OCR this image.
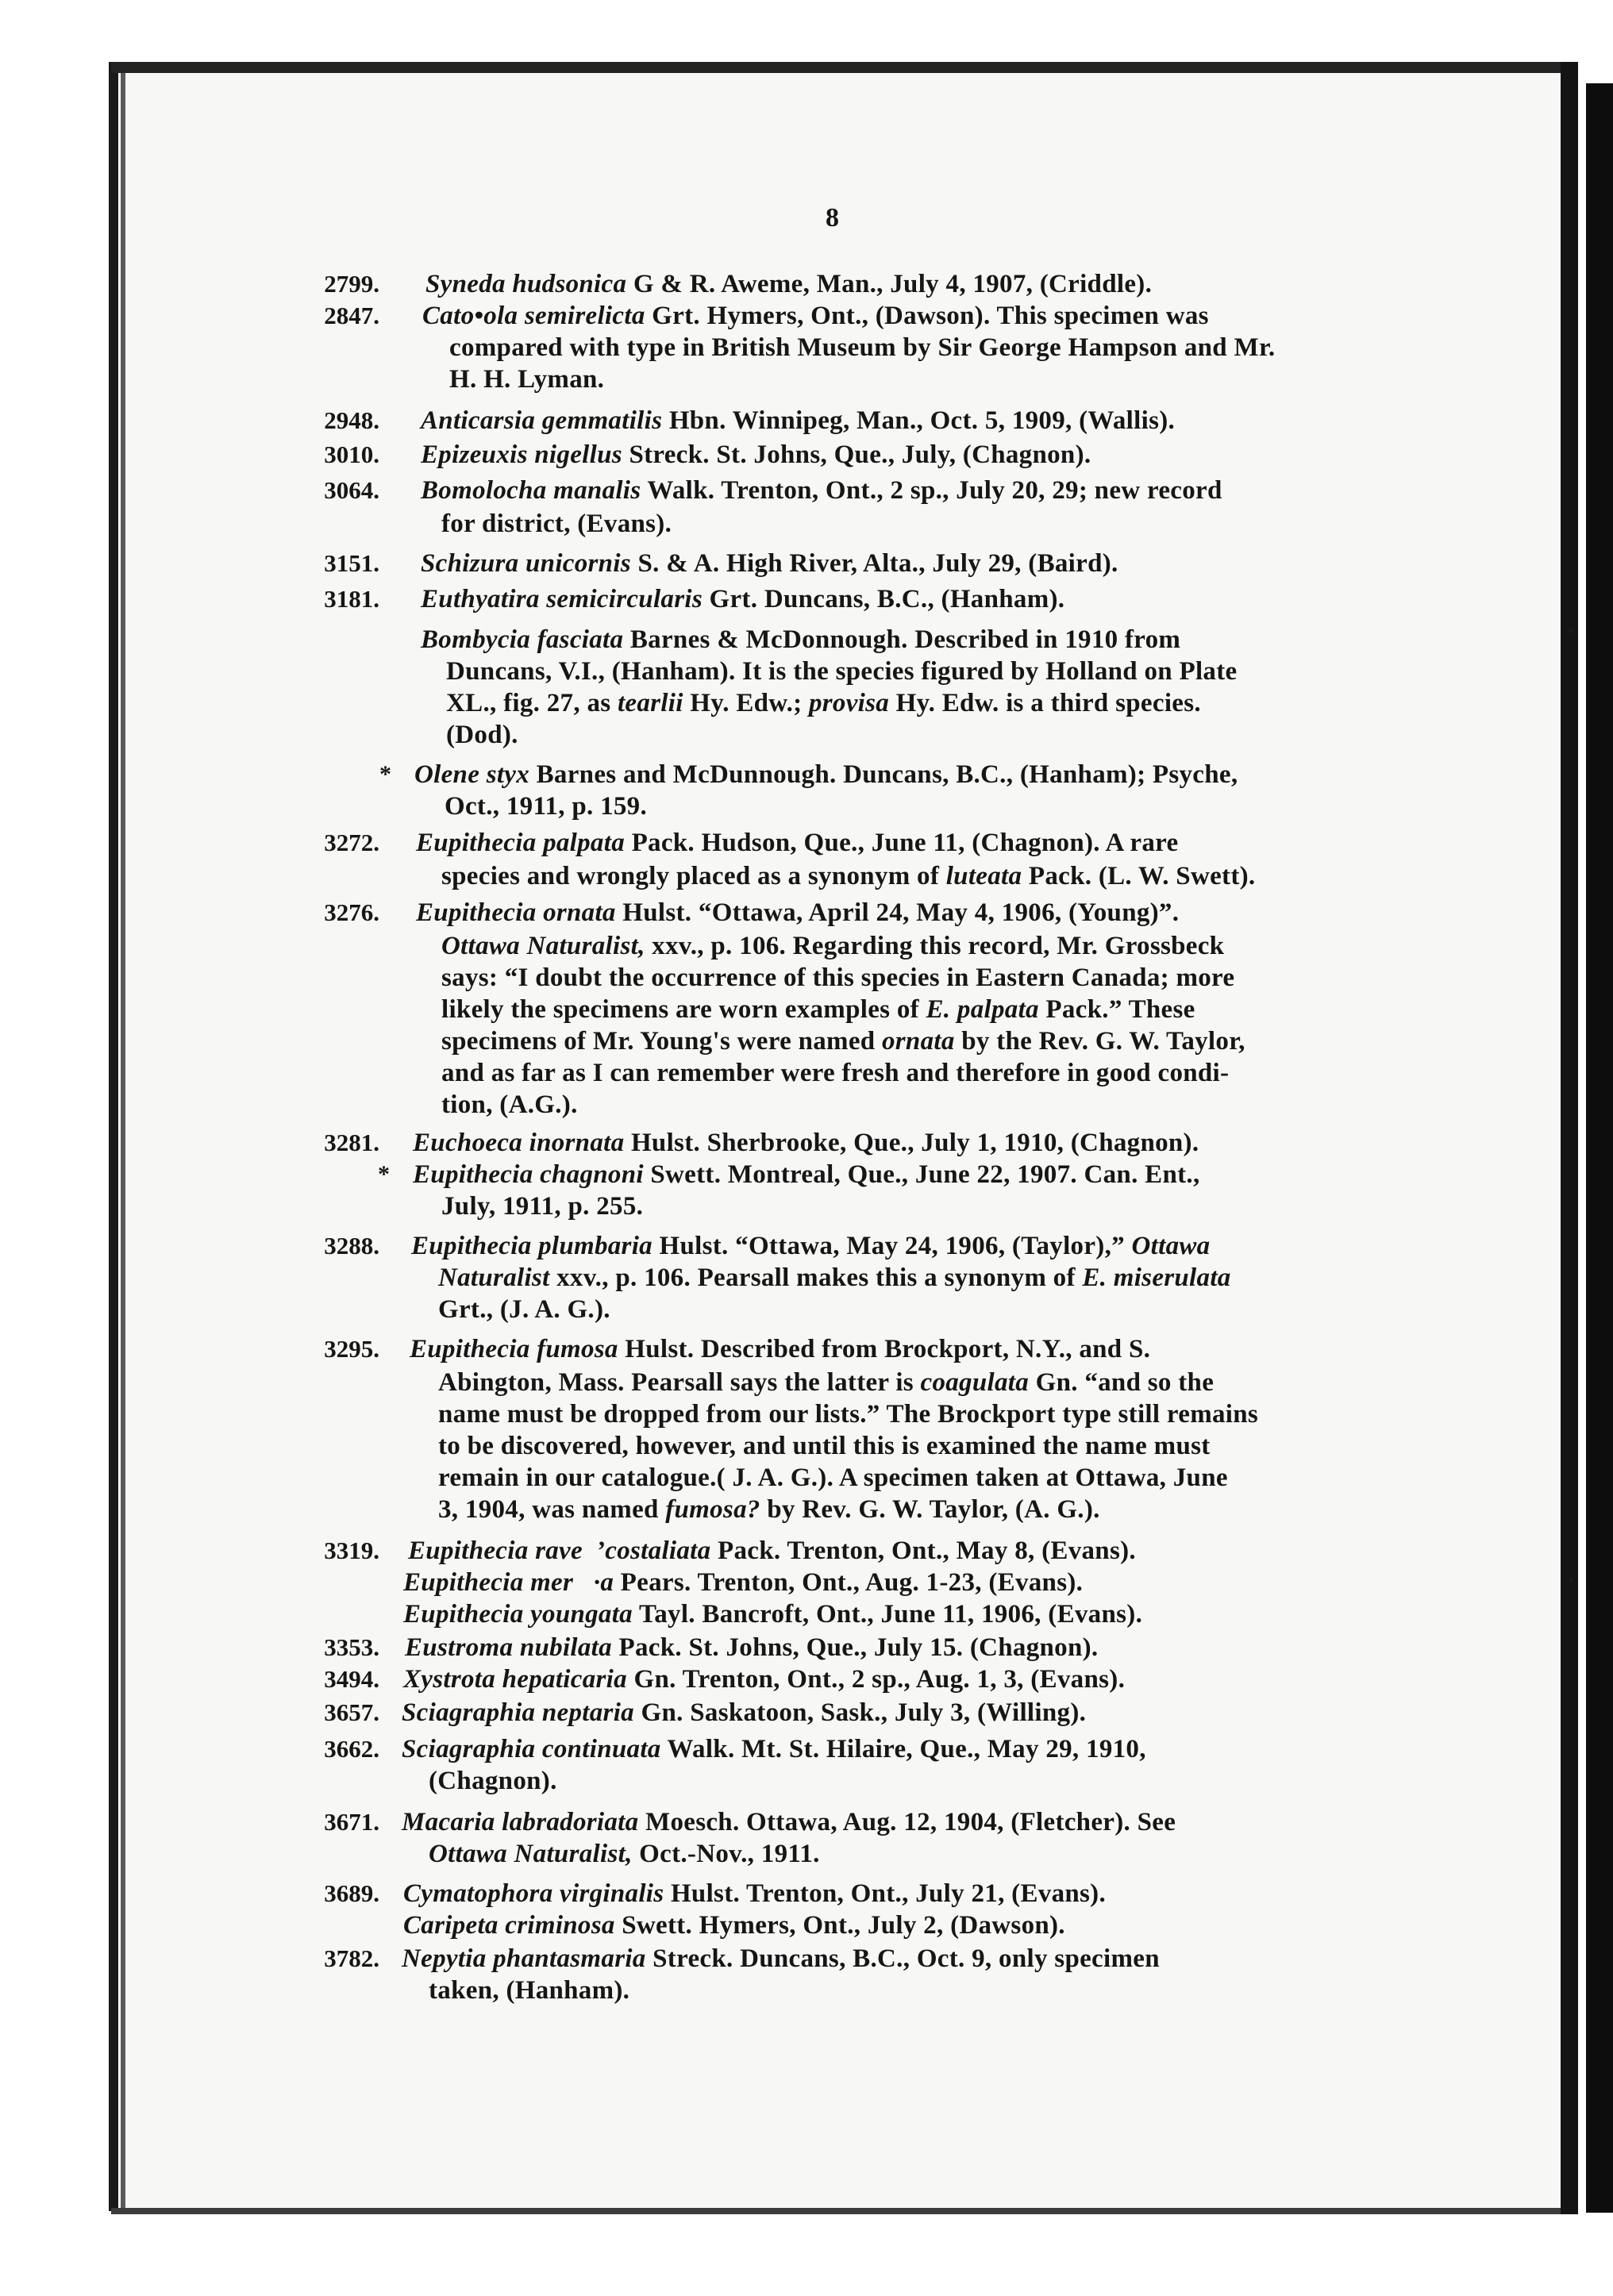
8
2799. Syneda hudsonica G & R. Aweme, Man., July 4, 1907, (Criddle).
2847. Cato•ola semirelicta Grt. Hymers, Ont., (Dawson). This specimen was
compared with type in British Museum by Sir George Hampson and Mr.
H. H. Lyman.
2948. Anticarsia gemmatilis Hbn. Winnipeg, Man., Oct. 5, 1909, (Wallis).
3010. Epizeuxis nigellus Streck. St. Johns, Que., July, (Chagnon).
3064. Bomolocha manalis Walk. Trenton, Ont., 2 sp., July 20, 29; new record
for district, (Evans).
3151. Schizura unicornis S. & A. High River, Alta., July 29, (Baird).
3181. Euthyatira semicircularis Grt. Duncans, B.C., (Hanham).
Bombycia fasciata Barnes & McDonnough. Described in 1910 from
Duncans, V.I., (Hanham). It is the species figured by Holland on Plate
XL., fig. 27, as tearlii Hy. Edw.; provisa Hy. Edw. is a third species.
(Dod).
* Olene styx Barnes and McDunnough. Duncans, B.C., (Hanham); Psyche,
Oct., 1911, p. 159.
3272. Eupithecia palpata Pack. Hudson, Que., June 11, (Chagnon). A rare
species and wrongly placed as a synonym of luteata Pack. (L. W. Swett).
3276. Eupithecia ornata Hulst. “Ottawa, April 24, May 4, 1906, (Young)”.
Ottawa Naturalist, xxv., p. 106. Regarding this record, Mr. Grossbeck
says: “I doubt the occurrence of this species in Eastern Canada; more
likely the specimens are worn examples of E. palpata Pack.” These
specimens of Mr. Young's were named ornata by the Rev. G. W. Taylor,
and as far as I can remember were fresh and therefore in good condi-
tion, (A.G.).
3281. Euchoeca inornata Hulst. Sherbrooke, Que., July 1, 1910, (Chagnon).
* Eupithecia chagnoni Swett. Montreal, Que., June 22, 1907. Can. Ent.,
July, 1911, p. 255.
3288. Eupithecia plumbaria Hulst. “Ottawa, May 24, 1906, (Taylor),” Ottawa
Naturalist xxv., p. 106. Pearsall makes this a synonym of E. miserulata
Grt., (J. A. G.).
3295. Eupithecia fumosa Hulst. Described from Brockport, N.Y., and S.
Abington, Mass. Pearsall says the latter is coagulata Gn. “and so the
name must be dropped from our lists.” The Brockport type still remains
to be discovered, however, and until this is examined the name must
remain in our catalogue.( J. A. G.). A specimen taken at Ottawa, June
3, 1904, was named fumosa? by Rev. G. W. Taylor, (A. G.).
3319. Eupithecia rave  ’costaliata Pack. Trenton, Ont., May 8, (Evans).
Eupithecia mer   ·a Pears. Trenton, Ont., Aug. 1-23, (Evans).
Eupithecia youngata Tayl. Bancroft, Ont., June 11, 1906, (Evans).
3353. Eustroma nubilata Pack. St. Johns, Que., July 15. (Chagnon).
3494. Xystrota hepaticaria Gn. Trenton, Ont., 2 sp., Aug. 1, 3, (Evans).
3657. Sciagraphia neptaria Gn. Saskatoon, Sask., July 3, (Willing).
3662. Sciagraphia continuata Walk. Mt. St. Hilaire, Que., May 29, 1910,
(Chagnon).
3671. Macaria labradoriata Moesch. Ottawa, Aug. 12, 1904, (Fletcher). See
Ottawa Naturalist, Oct.-Nov., 1911.
3689. Cymatophora virginalis Hulst. Trenton, Ont., July 21, (Evans).
Caripeta criminosa Swett. Hymers, Ont., July 2, (Dawson).
3782. Nepytia phantasmaria Streck. Duncans, B.C., Oct. 9, only specimen
taken, (Hanham).
